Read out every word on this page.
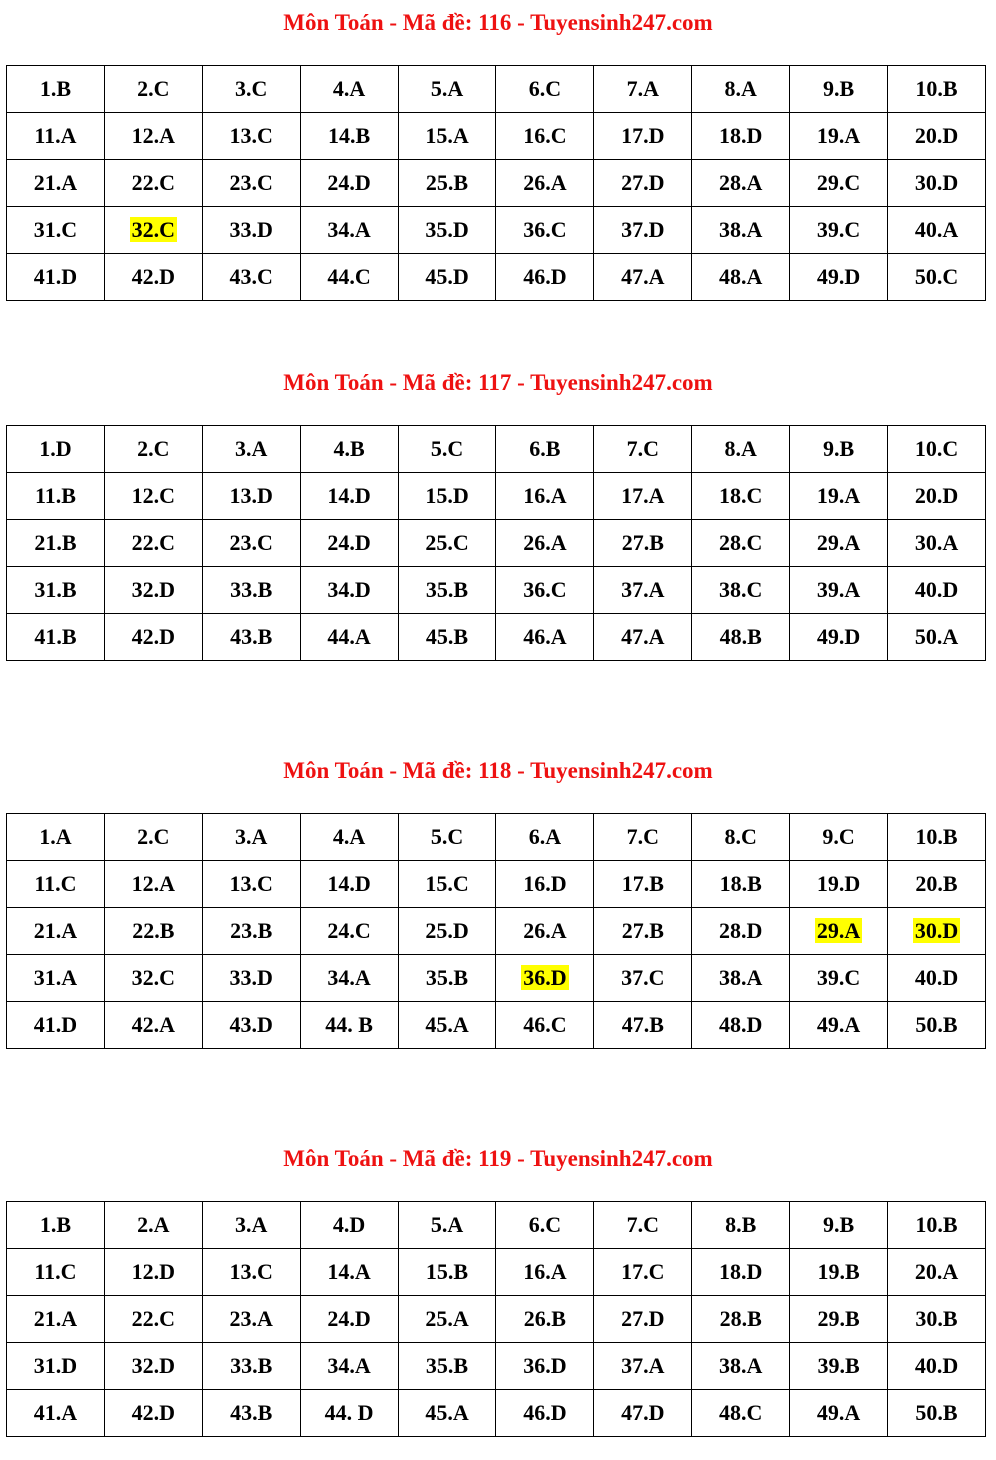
Môn Toán - Mã đề: 116 - Tuyensinh247.com
1.B	2.C	3.C	4.A	5.A	6.C	7.A	8.A	9.B	10.B
11.A	12.A	13.C	14.B	15.A	16.C	17.D	18.D	19.A	20.D
21.A	22.C	23.C	24.D	25.B	26.A	27.D	28.A	29.C	30.D
31.C	32.C	33.D	34.A	35.D	36.C	37.D	38.A	39.C	40.A
41.D	42.D	43.C	44.C	45.D	46.D	47.A	48.A	49.D	50.C
Môn Toán - Mã đề: 117 - Tuyensinh247.com
1.D	2.C	3.A	4.B	5.C	6.B	7.C	8.A	9.B	10.C
11.B	12.C	13.D	14.D	15.D	16.A	17.A	18.C	19.A	20.D
21.B	22.C	23.C	24.D	25.C	26.A	27.B	28.C	29.A	30.A
31.B	32.D	33.B	34.D	35.B	36.C	37.A	38.C	39.A	40.D
41.B	42.D	43.B	44.A	45.B	46.A	47.A	48.B	49.D	50.A
Môn Toán - Mã đề: 118 - Tuyensinh247.com
1.A	2.C	3.A	4.A	5.C	6.A	7.C	8.C	9.C	10.B
11.C	12.A	13.C	14.D	15.C	16.D	17.B	18.B	19.D	20.B
21.A	22.B	23.B	24.C	25.D	26.A	27.B	28.D	29.A	30.D
31.A	32.C	33.D	34.A	35.B	36.D	37.C	38.A	39.C	40.D
41.D	42.A	43.D	44. B	45.A	46.C	47.B	48.D	49.A	50.B
Môn Toán - Mã đề: 119 - Tuyensinh247.com
1.B	2.A	3.A	4.D	5.A	6.C	7.C	8.B	9.B	10.B
11.C	12.D	13.C	14.A	15.B	16.A	17.C	18.D	19.B	20.A
21.A	22.C	23.A	24.D	25.A	26.B	27.D	28.B	29.B	30.B
31.D	32.D	33.B	34.A	35.B	36.D	37.A	38.A	39.B	40.D
41.A	42.D	43.B	44. D	45.A	46.D	47.D	48.C	49.A	50.B
